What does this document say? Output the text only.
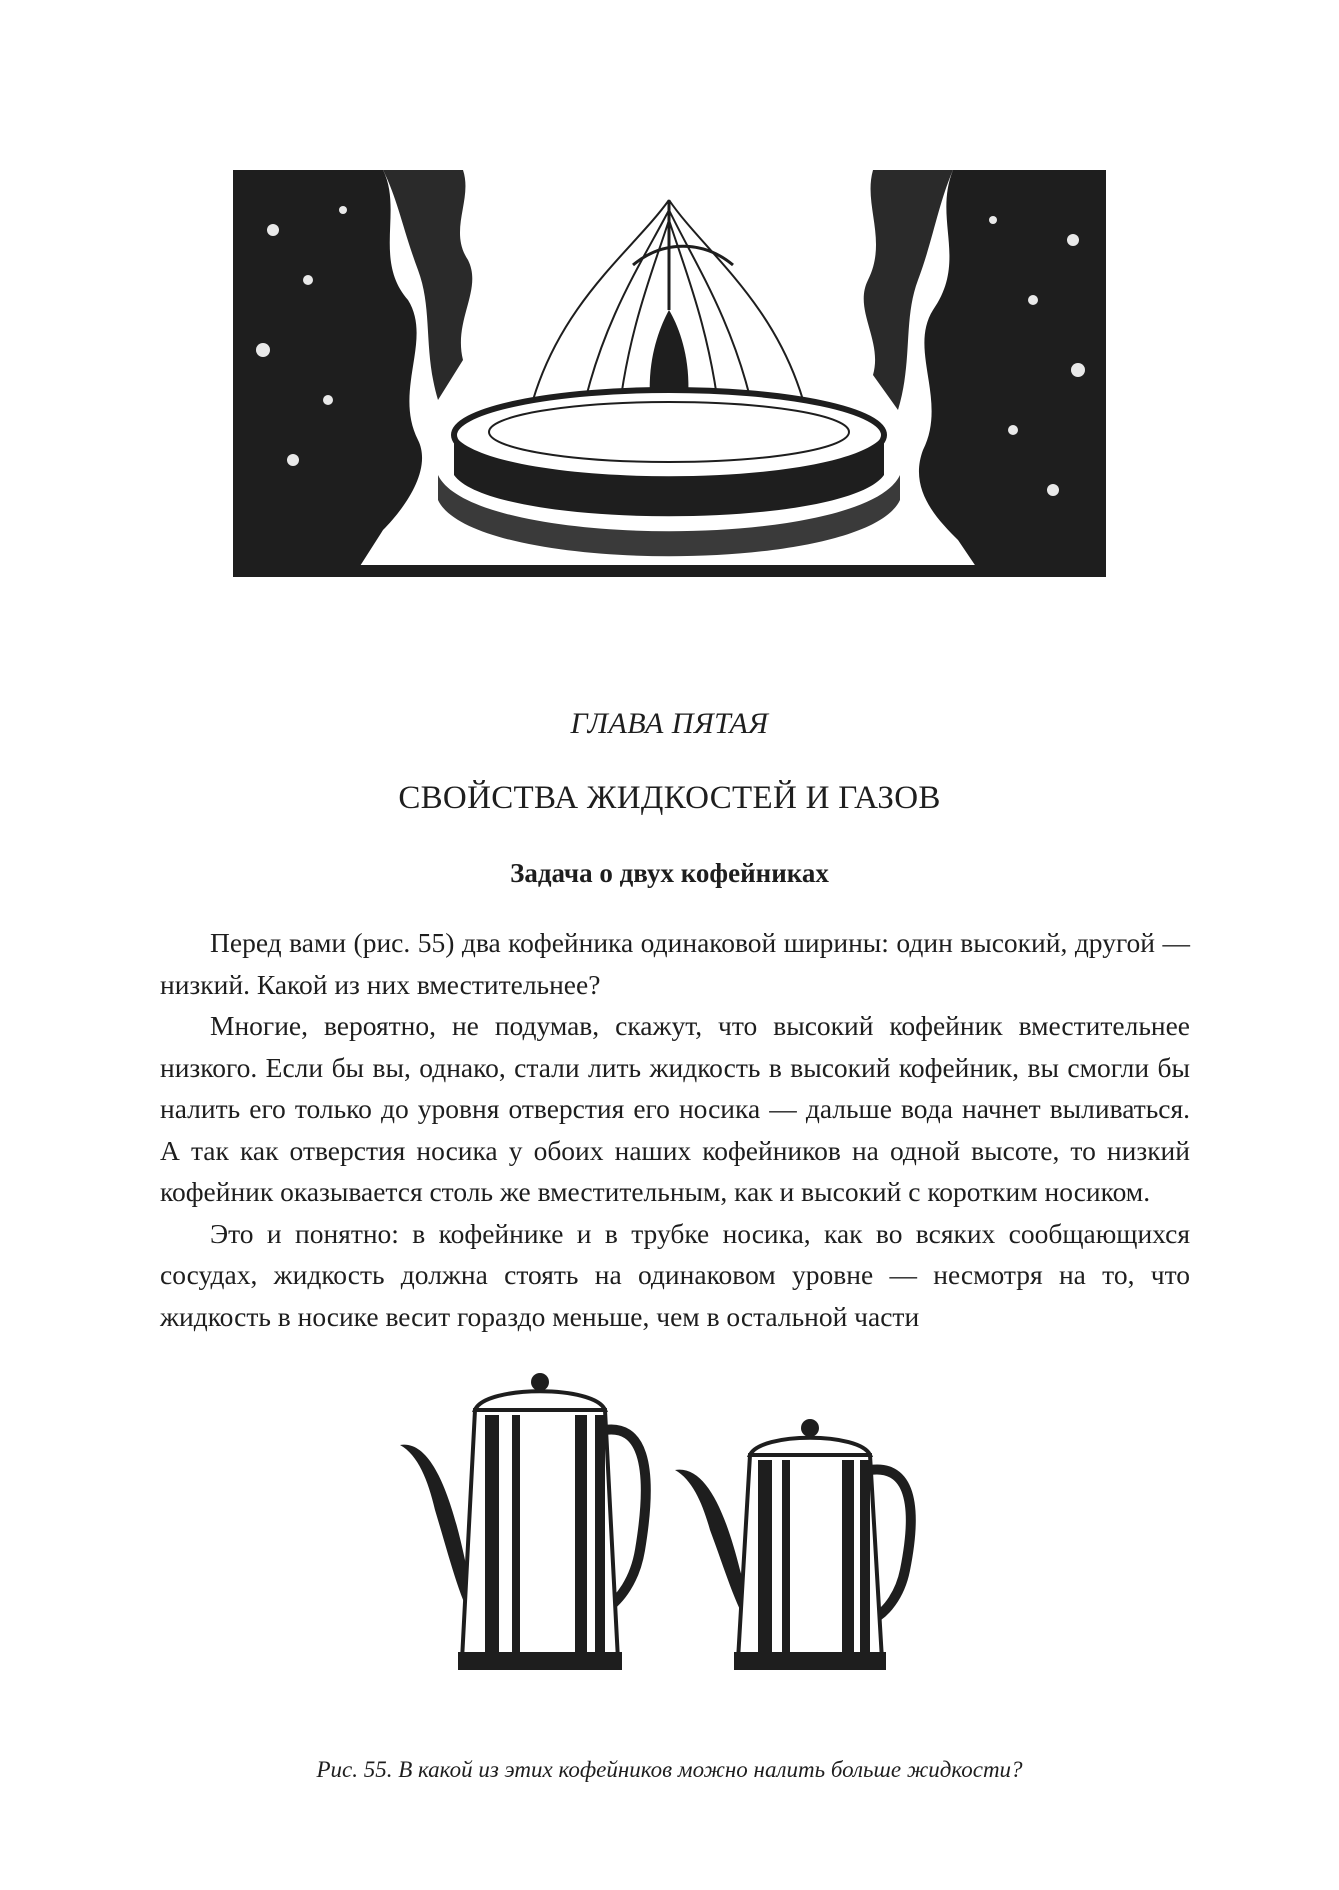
ГЛАВА ПЯТАЯ
СВОЙСТВА ЖИДКОСТЕЙ И ГАЗОВ
Задача о двух кофейниках

Перед вами (рис. 55) два кофейника одинаковой ширины: один высокий, другой — низкий. Какой из них вместительнее?

Многие, вероятно, не подумав, скажут, что высокий кофейник вместительнее низкого. Если бы вы, однако, стали лить жидкость в высокий кофейник, вы смогли бы налить его только до уровня отверстия его носика — дальше вода начнет выливаться. А так как отверстия носика у обоих наших кофейников на одной высоте, то низкий кофейник оказывается столь же вместительным, как и высокий с коротким носиком.

Это и понятно: в кофейнике и в трубке носика, как во всяких сообщающихся сосудах, жидкость должна стоять на одинаковом уровне — несмотря на то, что жидкость в носике весит гораздо меньше, чем в остальной части

Рис. 55. В какой из этих кофейников можно налить больше жидкости?
